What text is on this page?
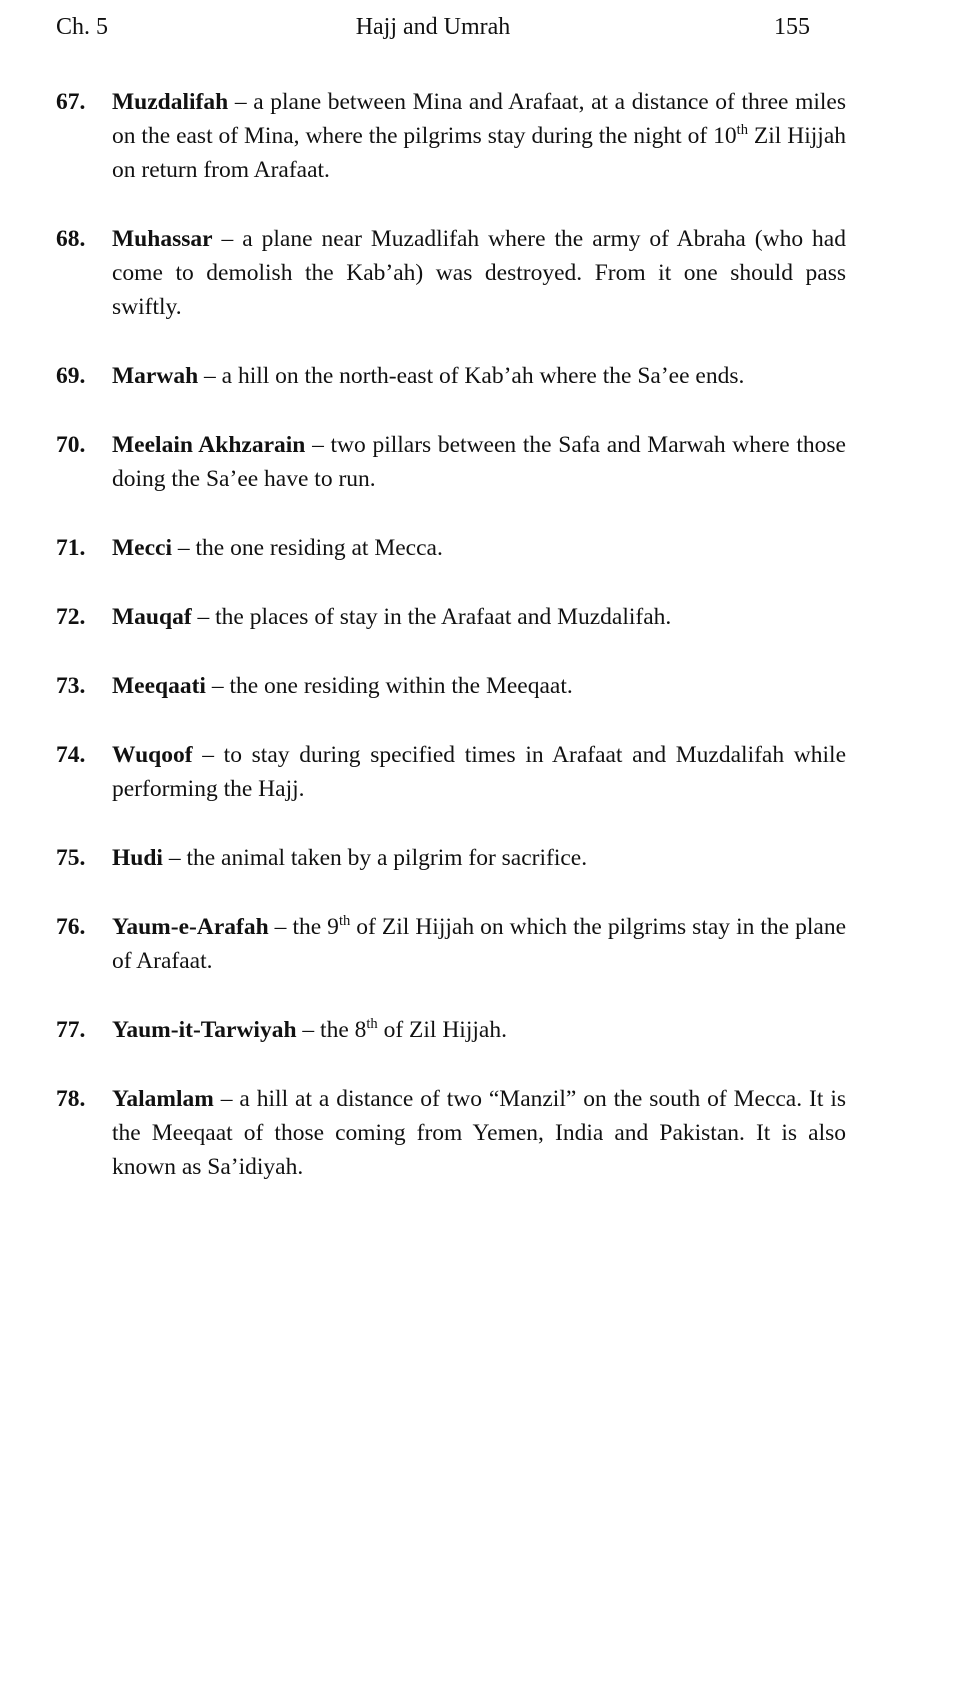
Ch. 5	Hajj and Umrah	155
67. Muzdalifah – a plane between Mina and Arafaat, at a distance of three miles on the east of Mina, where the pilgrims stay during the night of 10th Zil Hijjah on return from Arafaat.
68. Muhassar – a plane near Muzadlifah where the army of Abraha (who had come to demolish the Kab’ah) was destroyed. From it one should pass swiftly.
69. Marwah – a hill on the north-east of Kab’ah where the Sa’ee ends.
70. Meelain Akhzarain – two pillars between the Safa and Marwah where those doing the Sa’ee have to run.
71. Mecci – the one residing at Mecca.
72. Mauqaf – the places of stay in the Arafaat and Muzdalifah.
73. Meeqaati – the one residing within the Meeqaat.
74. Wuqoof – to stay during specified times in Arafaat and Muzdalifah while performing the Hajj.
75. Hudi – the animal taken by a pilgrim for sacrifice.
76. Yaum-e-Arafah – the 9th of Zil Hijjah on which the pilgrims stay in the plane of Arafaat.
77. Yaum-it-Tarwiyah – the 8th of Zil Hijjah.
78. Yalamlam – a hill at a distance of two “Manzil” on the south of Mecca. It is the Meeqaat of those coming from Yemen, India and Pakistan. It is also known as Sa’idiyah.
